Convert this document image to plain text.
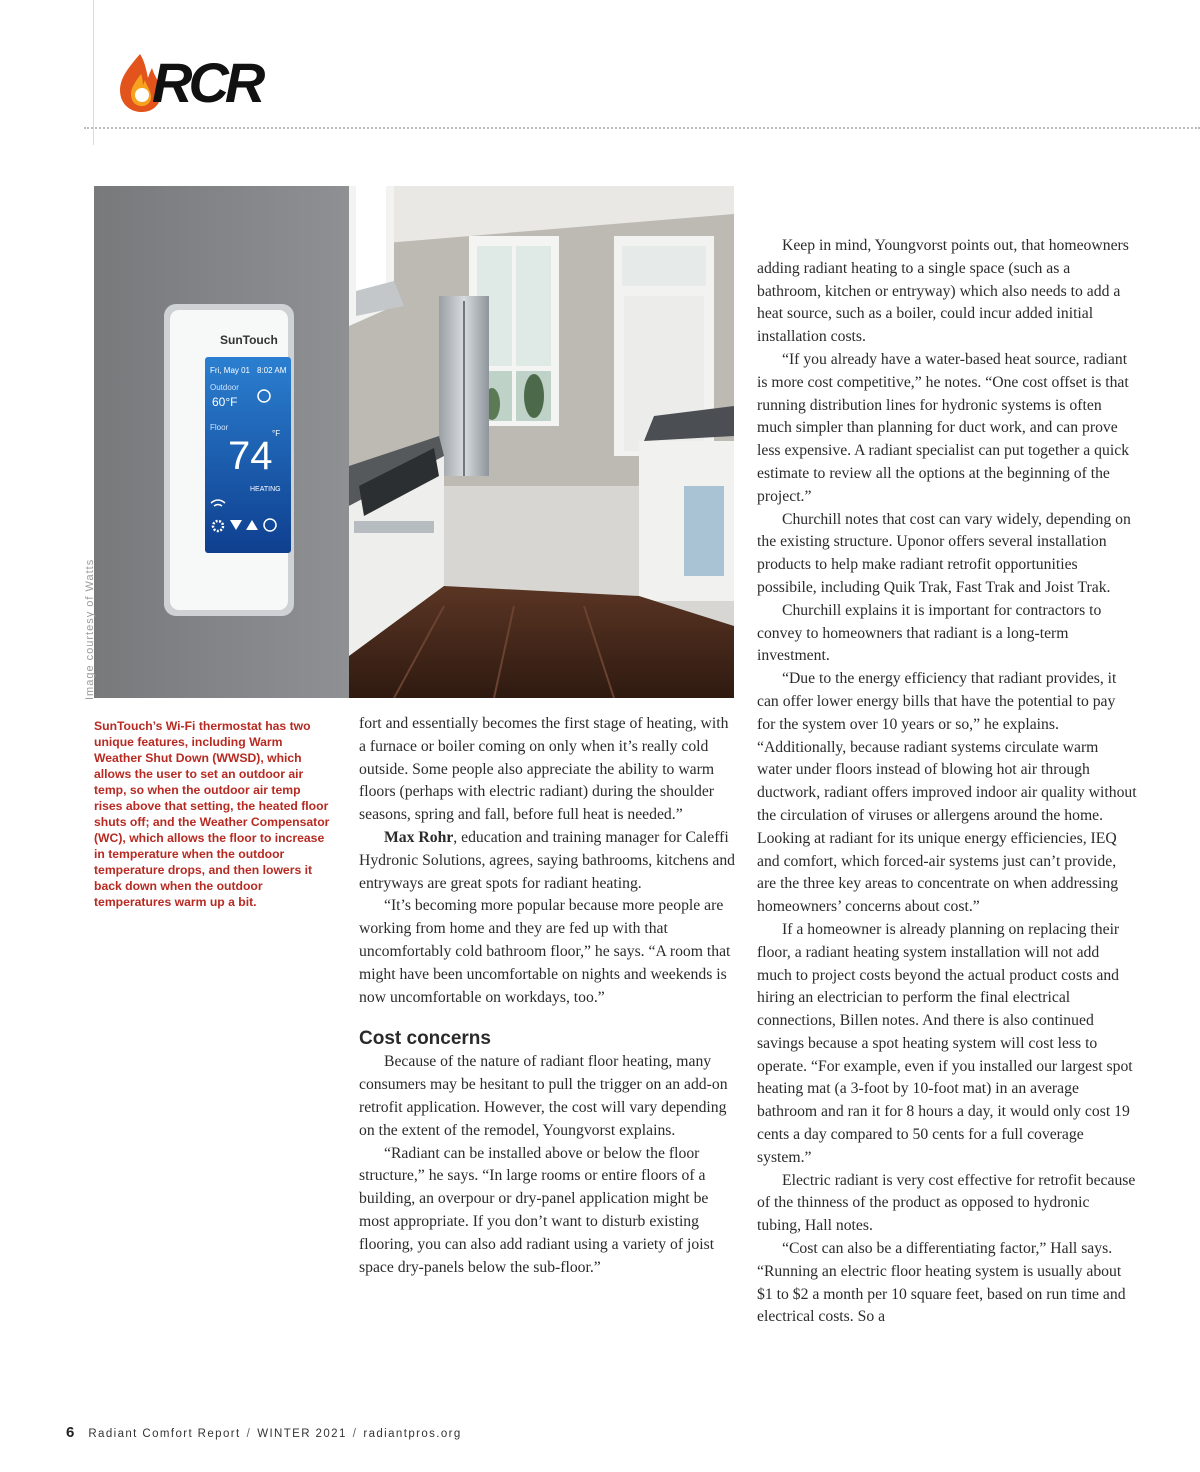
RCR
SunTouch
Fri, May 01 8:02 AM
Outdoor
60°F
Floor
74
°F
HEATING
Image courtesy of Watts
SunTouch’s Wi-Fi thermostat has two unique features, including Warm Weather Shut Down (WWSD), which allows the user to set an outdoor air temp, so when the outdoor air temp rises above that setting, the heated floor shuts off; and the Weather Compensator (WC), which allows the floor to increase in temperature when the outdoor temperature drops, and then lowers it back down when the outdoor temperatures warm up a bit.

fort and essentially becomes the first stage of heating, with a furnace or boiler coming on only when it’s really cold outside. Some people also appreciate the ability to warm floors (perhaps with electric radiant) during the shoulder seasons, spring and fall, before full heat is needed.”

Max Rohr, education and training manager for Caleffi Hydronic Solutions, agrees, saying bathrooms, kitchens and entryways are great spots for radiant heating.

“It’s becoming more popular because more people are working from home and they are fed up with that uncomfortably cold bathroom floor,” he says. “A room that might have been uncomfortable on nights and weekends is now uncomfortable on workdays, too.”

Cost concerns

Because of the nature of radiant floor heating, many consumers may be hesitant to pull the trigger on an add-on retrofit application. However, the cost will vary depending on the extent of the remodel, Youngvorst explains.

“Radiant can be installed above or below the floor structure,” he says. “In large rooms or entire floors of a building, an overpour or dry-panel application might be most appropriate. If you don’t want to disturb existing flooring, you can also add radiant using a variety of joist space dry-panels below the sub-floor.”

Keep in mind, Youngvorst points out, that homeowners adding radiant heating to a single space (such as a bathroom, kitchen or entryway) which also needs to add a heat source, such as a boiler, could incur added initial installation costs.

“If you already have a water-based heat source, radiant is more cost competitive,” he notes. “One cost offset is that running distribution lines for hydronic systems is often much simpler than planning for duct work, and can prove less expensive. A radiant specialist can put together a quick estimate to review all the options at the beginning of the project.”

Churchill notes that cost can vary widely, depending on the existing structure. Uponor offers several installation products to help make radiant retrofit opportunities possibile, including Quik Trak, Fast Trak and Joist Trak.

Churchill explains it is important for contractors to convey to homeowners that radiant is a long-term investment.

“Due to the energy efficiency that radiant provides, it can offer lower energy bills that have the potential to pay for the system over 10 years or so,” he explains. “Additionally, because radiant systems circulate warm water under floors instead of blowing hot air through ductwork, radiant offers improved indoor air quality without the circulation of viruses or allergens around the home. Looking at radiant for its unique energy efficiencies, IEQ and comfort, which forced-air systems just can’t provide, are the three key areas to concentrate on when addressing homeowners’ concerns about cost.”

If a homeowner is already planning on replacing their floor, a radiant heating system installation will not add much to project costs beyond the actual product costs and hiring an electrician to perform the final electrical connections, Billen notes. And there is also continued savings because a spot heating system will cost less to operate. “For example, even if you installed our largest spot heating mat (a 3-foot by 10-foot mat) in an average bathroom and ran it for 8 hours a day, it would only cost 19 cents a day compared to 50 cents for a full coverage system.”

Electric radiant is very cost effective for retrofit because of the thinness of the product as opposed to hydronic tubing, Hall notes.

“Cost can also be a differentiating factor,” Hall says. “Running an electric floor heating system is usually about $1 to $2 a month per 10 square feet, based on run time and electrical costs. So a

6 Radiant Comfort Report / WINTER 2021 / radiantpros.org
